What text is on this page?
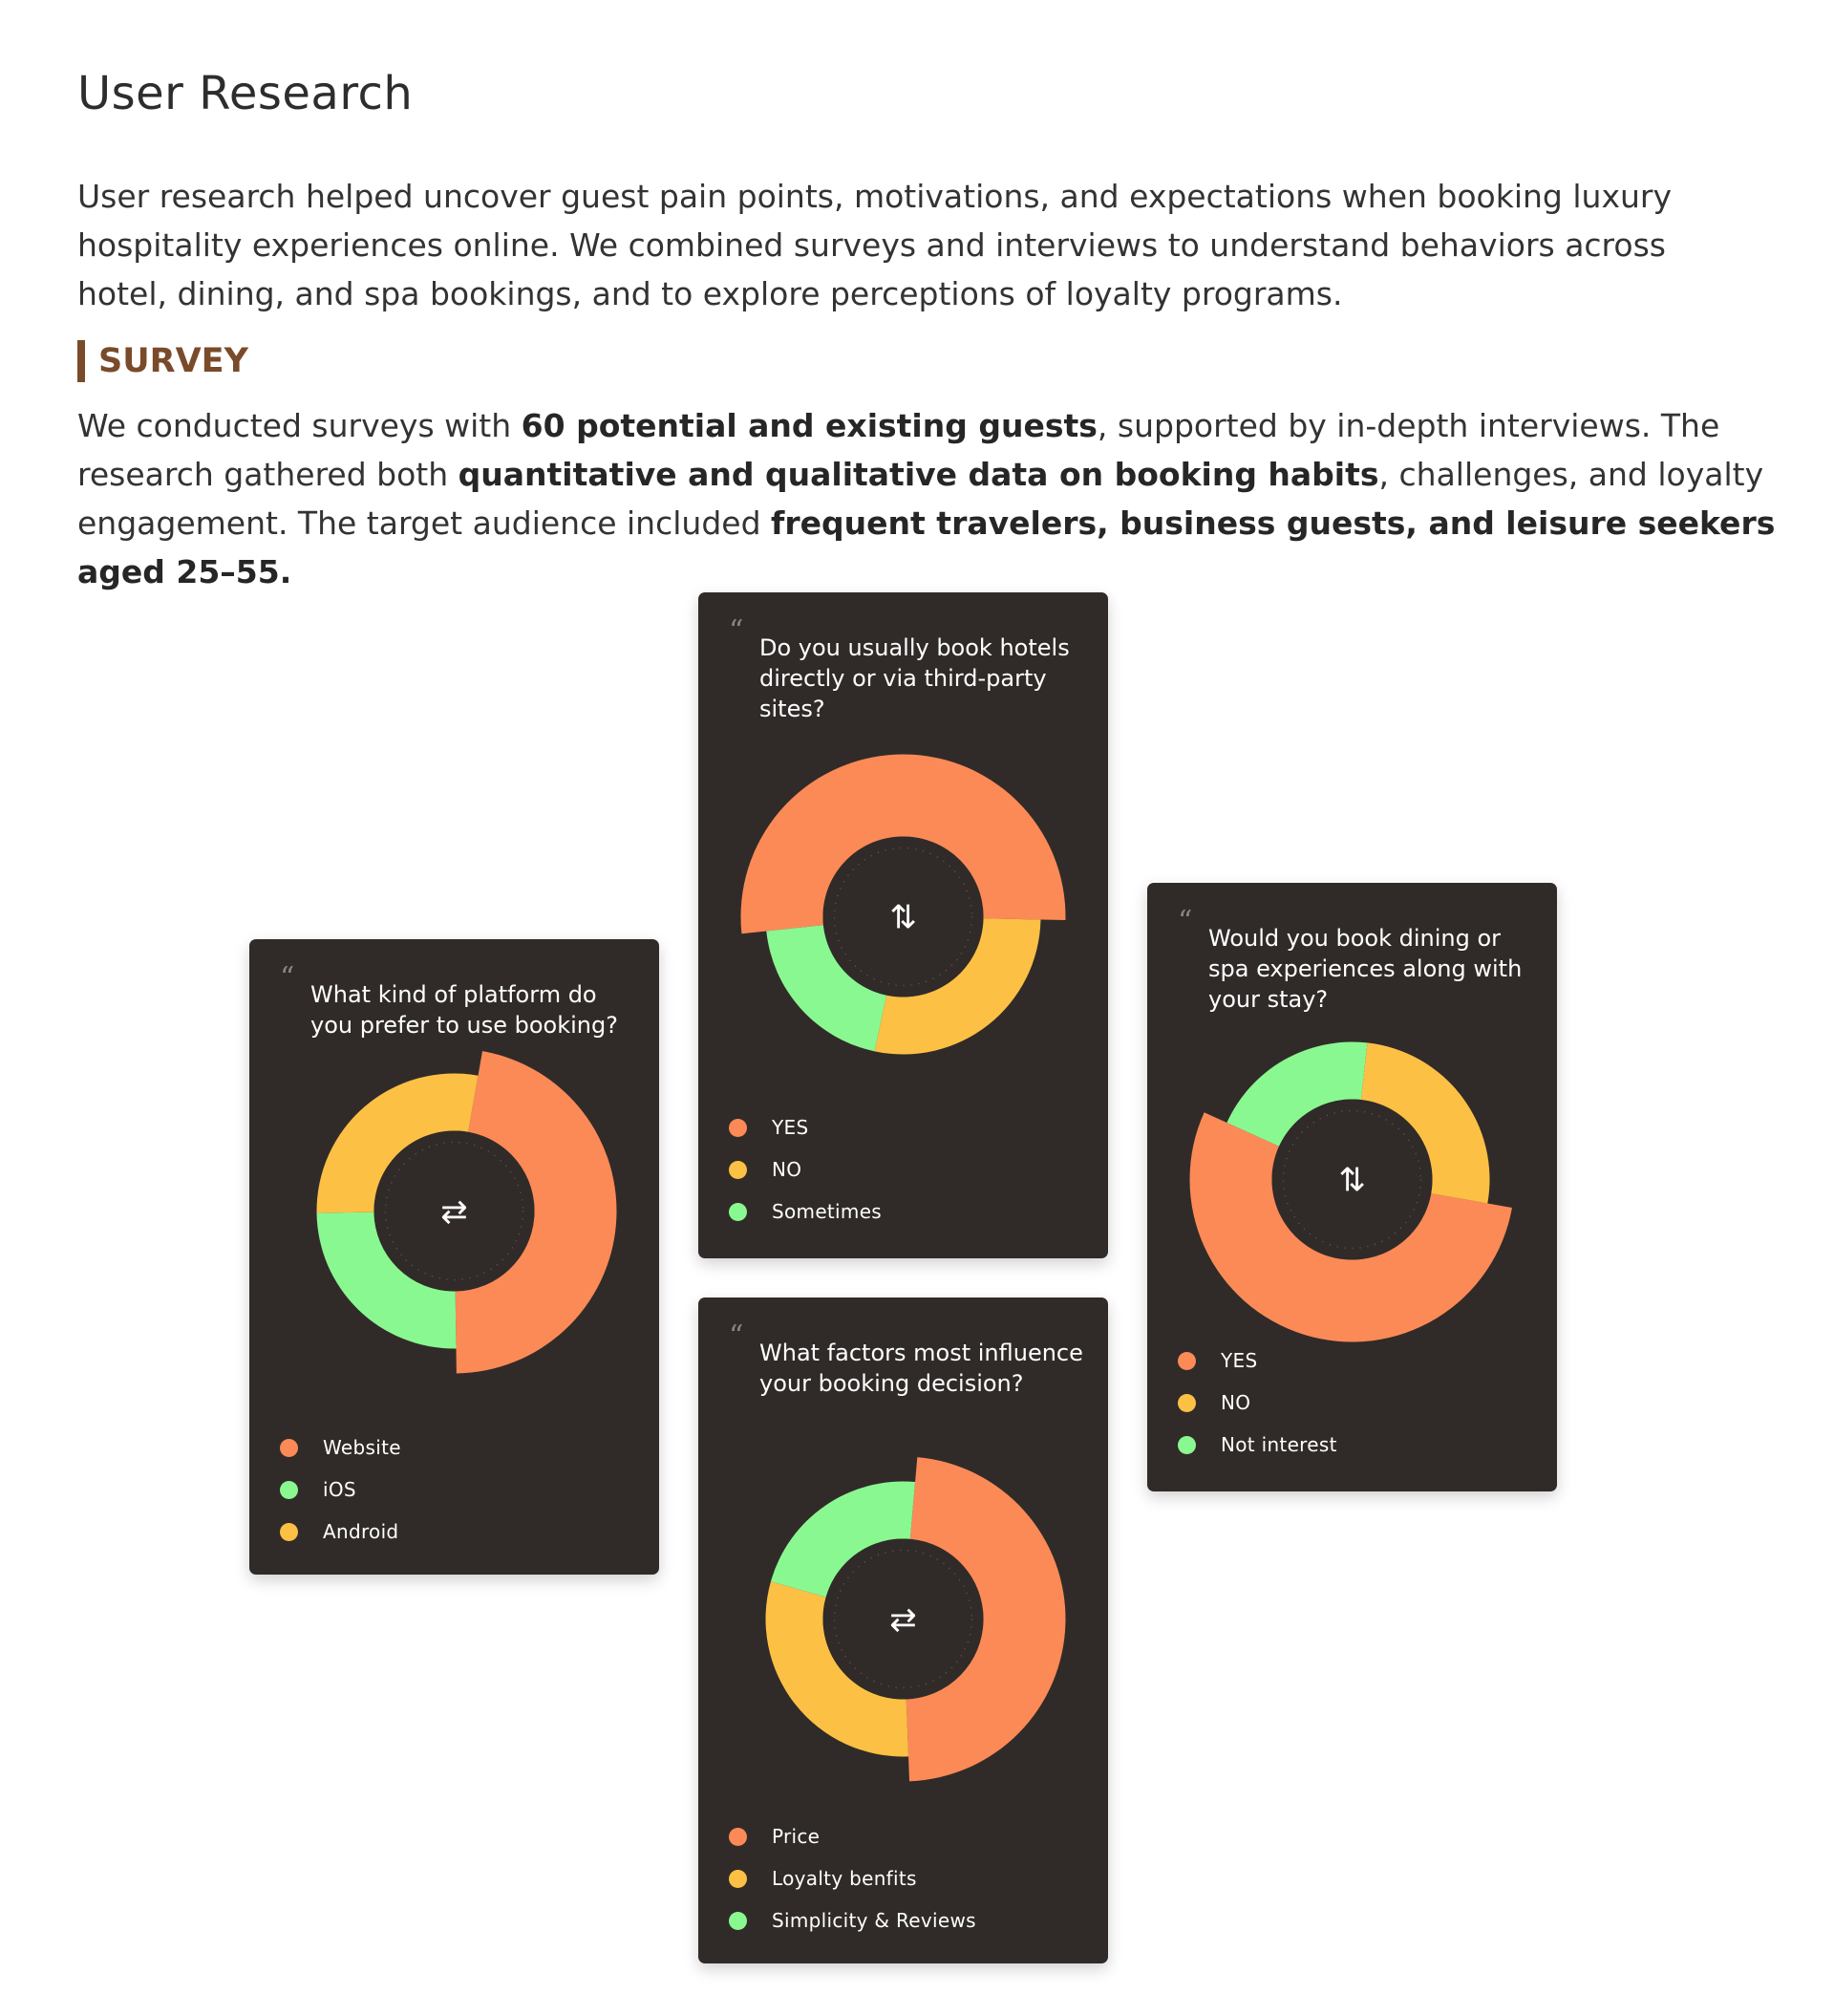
User Research

User research helped uncover guest pain points, motivations, and expectations when booking luxury hospitality experiences online. We combined surveys and interviews to understand behaviors across hotel, dining, and spa bookings, and to explore perceptions of loyalty programs.

SURVEY

We conducted surveys with 60 potential and existing guests, supported by in-depth interviews. The research gathered both quantitative and qualitative data on booking habits, challenges, and loyalty engagement. The target audience included frequent travelers, business guests, and leisure seekers aged 25–55.

“ What kind of platform do you prefer to use booking?
⇄
Website
iOS
Android
“ Do you usually book hotels directly or via third-party sites?
⇅
YES
NO
Sometimes
“ What factors most influence your booking decision?
⇄
Price
Loyalty benfits
Simplicity & Reviews
“ Would you book dining or spa experiences along with your stay?
⇅
YES
NO
Not interest
